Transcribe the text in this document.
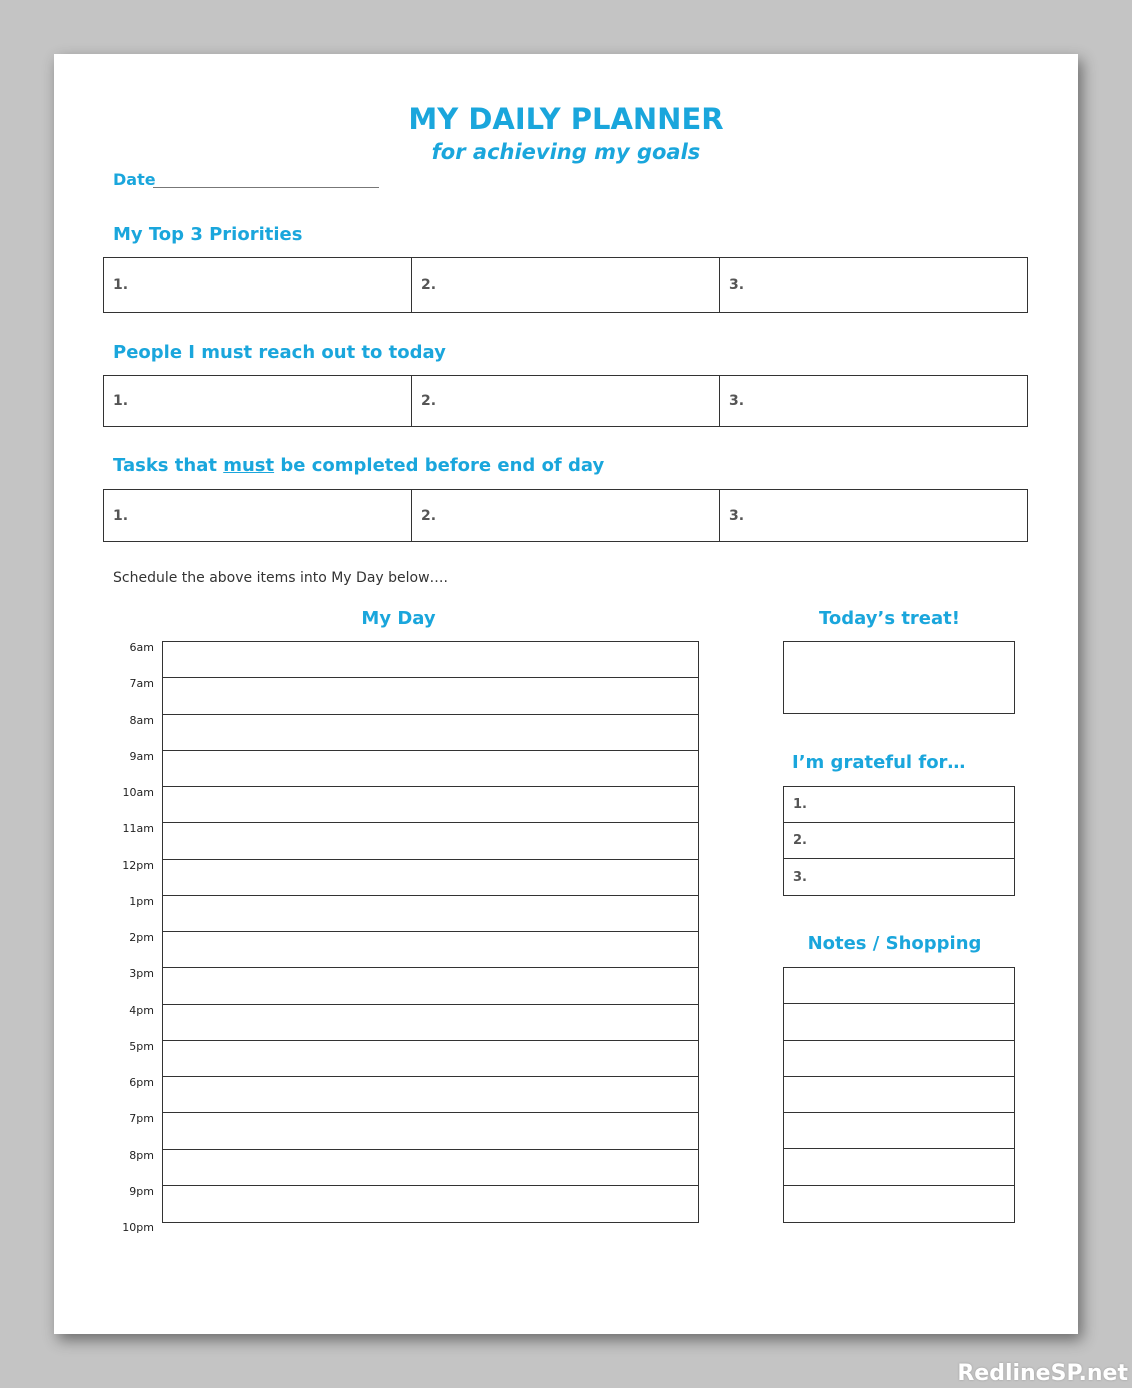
MY DAILY PLANNER
for achieving my goals
Date
My Top 3 Priorities
1.	2.	3.
People I must reach out to today
1.	2.	3.
Tasks that must be completed before end of day
1.	2.	3.
Schedule the above items into My Day below….
My Day
6am
7am
8am
9am
10am
11am
12pm
1pm
2pm
3pm
4pm
5pm
6pm
7pm
8pm
9pm
10pm
Today’s treat!
I’m grateful for…
1.
2.
3.
Notes / Shopping
RedlineSP.net
